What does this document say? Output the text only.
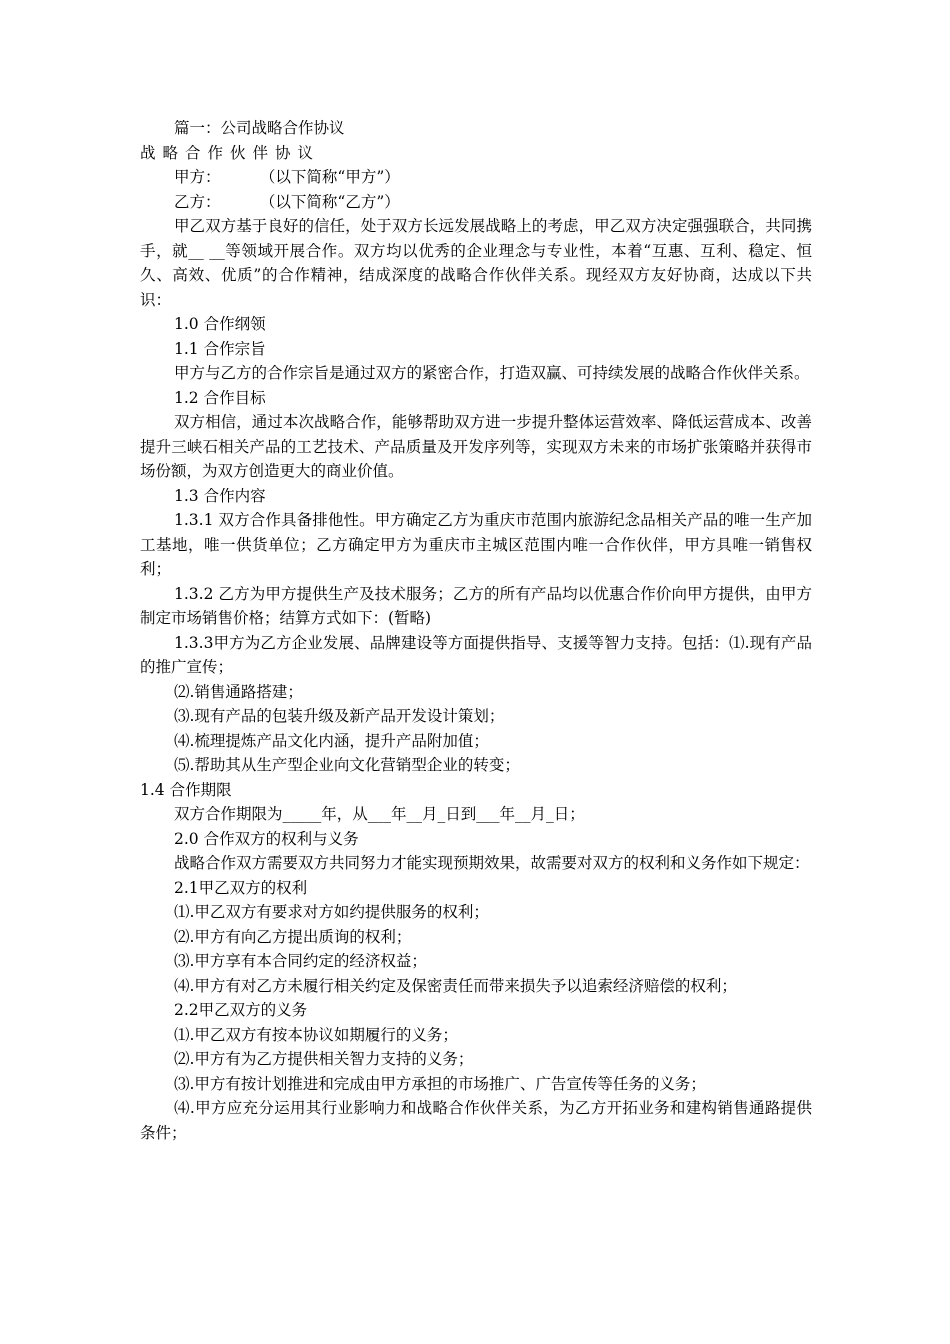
篇一：公司战略合作协议

战略合作伙伴协议

甲方：        （以下简称“甲方”）

乙方：        （以下简称“乙方”）

甲乙双方基于良好的信任，处于双方长远发展战略上的考虑，甲乙双方决定强强联合，共同携手，就__ __等领域开展合作。双方均以优秀的企业理念与专业性，本着“互惠、互利、稳定、恒久、高效、优质”的合作精神，结成深度的战略合作伙伴关系。现经双方友好协商，达成以下共识：

1.0 合作纲领

1.1 合作宗旨

甲方与乙方的合作宗旨是通过双方的紧密合作，打造双赢、可持续发展的战略合作伙伴关系。

1.2 合作目标

双方相信，通过本次战略合作，能够帮助双方进一步提升整体运营效率、降低运营成本、改善提升三峡石相关产品的工艺技术、产品质量及开发序列等，实现双方未来的市场扩张策略并获得市场份额，为双方创造更大的商业价值。

1.3 合作内容

1.3.1 双方合作具备排他性。甲方确定乙方为重庆市范围内旅游纪念品相关产品的唯一生产加工基地，唯一供货单位；乙方确定甲方为重庆市主城区范围内唯一合作伙伴，甲方具唯一销售权利；

1.3.2 乙方为甲方提供生产及技术服务；乙方的所有产品均以优惠合作价向甲方提供，由甲方制定市场销售价格；结算方式如下：(暂略)

1.3.3甲方为乙方企业发展、品牌建设等方面提供指导、支援等智力支持。包括：⑴.现有产品的推广宣传；

⑵.销售通路搭建；

⑶.现有产品的包装升级及新产品开发设计策划；

⑷.梳理提炼产品文化内涵，提升产品附加值；

⑸.帮助其从生产型企业向文化营销型企业的转变；

1.4 合作期限

双方合作期限为_____年，从___年__月_日到___年__月_日；

2.0 合作双方的权利与义务

战略合作双方需要双方共同努力才能实现预期效果，故需要对双方的权利和义务作如下规定：

2.1甲乙双方的权利

⑴.甲乙双方有要求对方如约提供服务的权利；

⑵.甲方有向乙方提出质询的权利；

⑶.甲方享有本合同约定的经济权益；

⑷.甲方有对乙方未履行相关约定及保密责任而带来损失予以追索经济赔偿的权利；

2.2甲乙双方的义务

⑴.甲乙双方有按本协议如期履行的义务；

⑵.甲方有为乙方提供相关智力支持的义务；

⑶.甲方有按计划推进和完成由甲方承担的市场推广、广告宣传等任务的义务；

⑷.甲方应充分运用其行业影响力和战略合作伙伴关系，为乙方开拓业务和建构销售通路提供条件；
